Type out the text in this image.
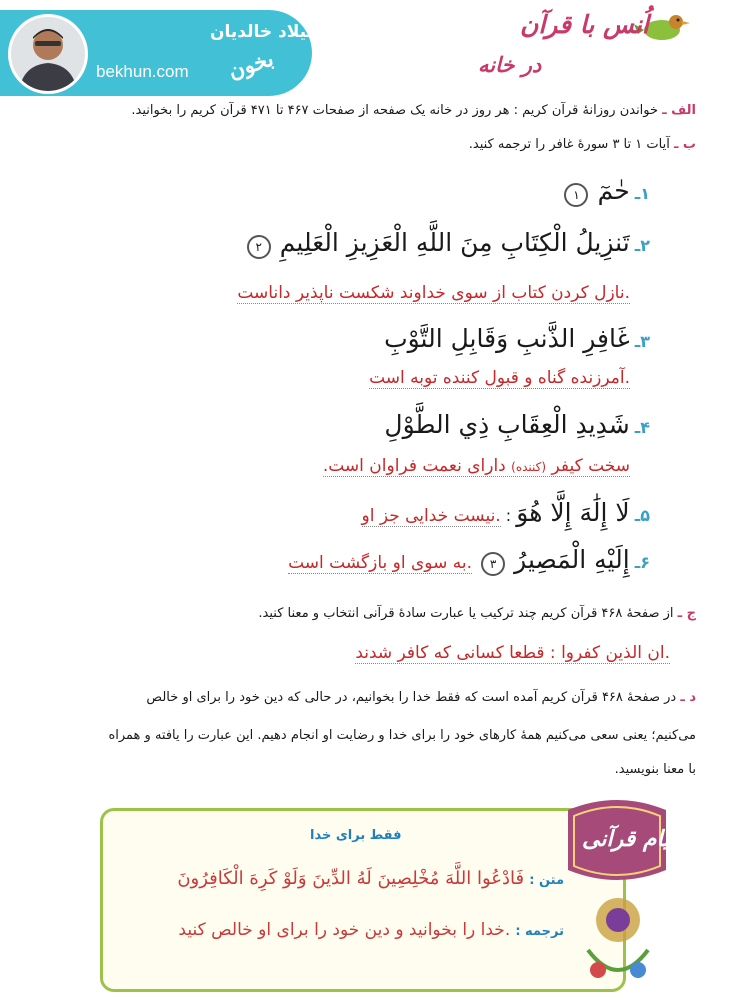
میلاد خالدیان
bekhun.com بخون
اُنس با قرآن
در خانه
الف ـ خواندن روزانهٔ قرآن کریم : هر روز در خانه یک صفحه از صفحات ۴۶۷ تا ۴۷۱ قرآن کریم را بخوانید.
ب ـ آیات ۱ تا ۳ سورهٔ غافر را ترجمه کنید.
۱ـ حٰمٓ ۱
۲ـ تَنزِيلُ الْكِتَابِ مِنَ اللَّهِ الْعَزِيزِ الْعَلِيمِ ۲
.نازل کردن کتاب از سوی خداوند شکست ناپذیر داناست
۳ـ غَافِرِ الذَّنبِ وَقَابِلِ التَّوْبِ
.آمرزنده گناه و قبول کننده توبه است
۴ـ شَدِيدِ الْعِقَابِ ذِي الطَّوْلِ
سخت کیفر (کننده) دارای نعمت فراوان است.
۵ـ لَا إِلَٰهَ إِلَّا هُوَ : .نیست خدایی جز او
۶ـ إِلَيْهِ الْمَصِيرُ ۳ .به سوی او بازگشت است
ج ـ از صفحهٔ ۴۶۸ قرآن کریم چند ترکیب یا عبارت سادهٔ قرآنی انتخاب و معنا کنید.
.ان الذین کفروا : قطعا کسانی که کافر شدند
د ـ در صفحهٔ ۴۶۸ قرآن کریم آمده است که فقط خدا را بخوانیم، در حالی که دین خود را برای او خالص
می‌کنیم؛ یعنی سعی می‌کنیم همهٔ کارهای خود را برای خدا و رضایت او انجام دهیم. این عبارت را یافته و همراه
با معنا بنویسید.
فقط برای خدا
متن : فَادْعُوا اللَّهَ مُخْلِصِينَ لَهُ الدِّينَ وَلَوْ كَرِهَ الْكَافِرُونَ
ترجمه : .خدا را بخوانید و دین خود را برای او خالص کنید
پیام قرآنی
